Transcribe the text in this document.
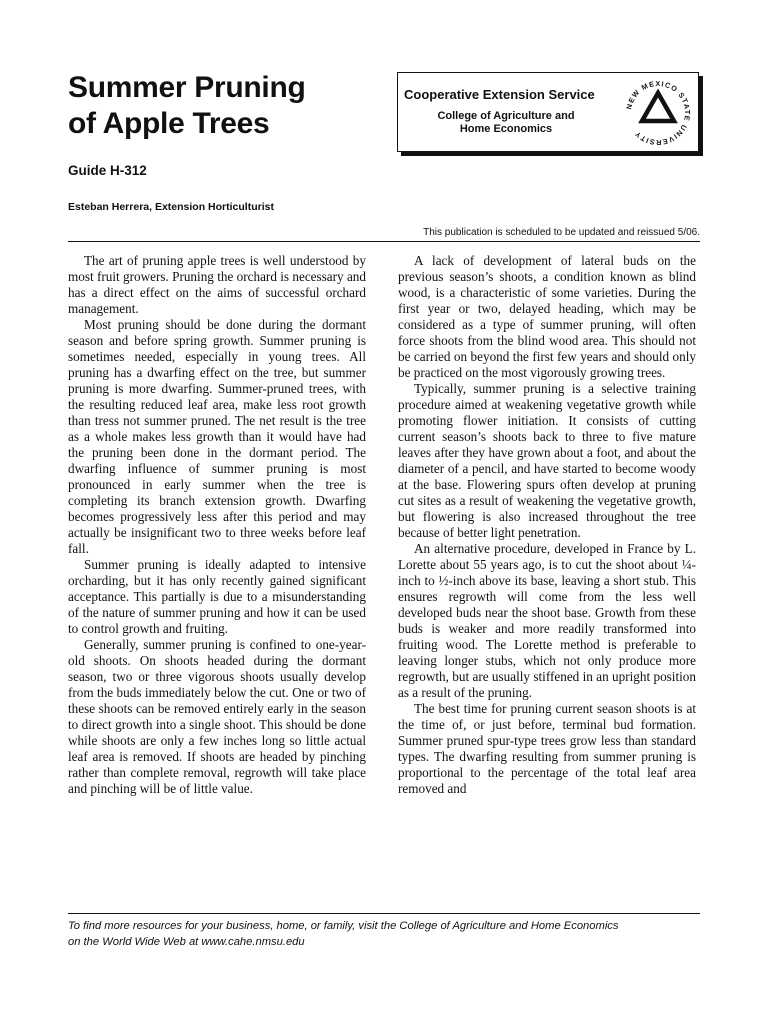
Summer Pruning
of Apple Trees
Guide H-312
Esteban Herrera, Extension Horticulturist
Cooperative Extension Service
College of Agriculture and
Home Economics
NEW MEXICO STATE UNIVERSITY
This publication is scheduled to be updated and reissued 5/06.

The art of pruning apple trees is well understood by most fruit growers. Pruning the orchard is necessary and has a direct effect on the aims of successful orchard management.

Most pruning should be done during the dormant season and before spring growth. Summer pruning is sometimes needed, especially in young trees. All pruning has a dwarfing effect on the tree, but summer pruning is more dwarfing. Summer-pruned trees, with the resulting reduced leaf area, make less root growth than tress not summer pruned. The net result is the tree as a whole makes less growth than it would have had the pruning been done in the dormant period. The dwarfing influence of summer pruning is most pronounced in early summer when the tree is completing its branch extension growth. Dwarfing becomes progressively less after this period and may actually be insignificant two to three weeks before leaf fall.

Summer pruning is ideally adapted to intensive orcharding, but it has only recently gained significant acceptance. This partially is due to a misunderstanding of the nature of summer pruning and how it can be used to control growth and fruiting.

Generally, summer pruning is confined to one-year-old shoots. On shoots headed during the dormant season, two or three vigorous shoots usually develop from the buds immediately below the cut. One or two of these shoots can be removed entirely early in the season to direct growth into a single shoot. This should be done while shoots are only a few inches long so little actual leaf area is removed. If shoots are headed by pinching rather than complete removal, regrowth will take place and pinching will be of little value.

A lack of development of lateral buds on the previous season’s shoots, a condition known as blind wood, is a characteristic of some varieties. During the first year or two, delayed heading, which may be considered as a type of summer pruning, will often force shoots from the blind wood area. This should not be carried on beyond the first few years and should only be practiced on the most vigorously growing trees.

Typically, summer pruning is a selective training procedure aimed at weakening vegetative growth while promoting flower initiation. It consists of cutting current season’s shoots back to three to five mature leaves after they have grown about a foot, and about the diameter of a pencil, and have started to become woody at the base. Flowering spurs often develop at pruning cut sites as a result of weakening the vegetative growth, but flowering is also increased throughout the tree because of better light penetration.

An alternative procedure, developed in France by L. Lorette about 55 years ago, is to cut the shoot about ¼-inch to ½-inch above its base, leaving a short stub. This ensures regrowth will come from the less well developed buds near the shoot base. Growth from these buds is weaker and more readily transformed into fruiting wood. The Lorette method is preferable to leaving longer stubs, which not only produce more regrowth, but are usually stiffened in an upright position as a result of the pruning.

The best time for pruning current season shoots is at the time of, or just before, terminal bud formation. Summer pruned spur-type trees grow less than standard types. The dwarfing resulting from summer pruning is proportional to the percentage of the total leaf area removed and

To find more resources for your business, home, or family, visit the College of Agriculture and Home Economics
on the World Wide Web at www.cahe.nmsu.edu
